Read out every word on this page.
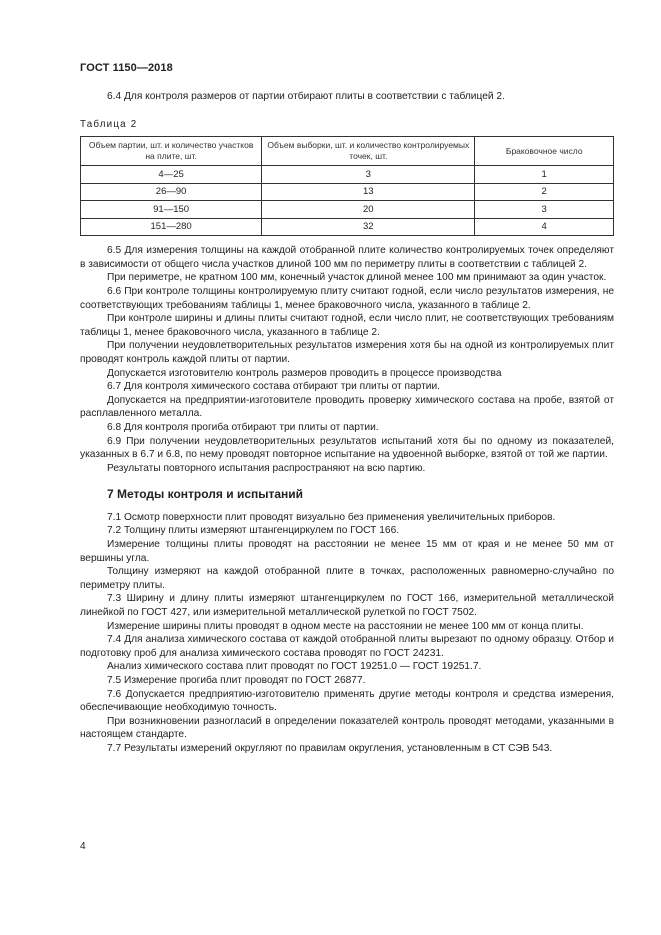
ГОСТ 1150—2018

6.4 Для контроля размеров от партии отбирают плиты в соответствии с таблицей 2.

Таблица 2

Объем партии, шт. и количество участков на плите, шт.	Объем выборки, шт. и количество контролируемых точек, шт.	Браковочное число
4—25	3	1
26—90	13	2
91—150	20	3
151—280	32	4

6.5 Для измерения толщины на каждой отобранной плите количество контролируемых точек определяют в зависимости от общего числа участков длиной 100 мм по периметру плиты в соответствии с таблицей 2.

При периметре, не кратном 100 мм, конечный участок длиной менее 100 мм принимают за один участок.

6.6 При контроле толщины контролируемую плиту считают годной, если число результатов измерения, не соответствующих требованиям таблицы 1, менее браковочного числа, указанного в таблице 2.

При контроле ширины и длины плиты считают годной, если число плит, не соответствующих требованиям таблицы 1, менее браковочного числа, указанного в таблице 2.

При получении неудовлетворительных результатов измерения хотя бы на одной из контролируемых плит проводят контроль каждой плиты от партии.

Допускается изготовителю контроль размеров проводить в процессе производства

6.7 Для контроля химического состава отбирают три плиты от партии.

Допускается на предприятии-изготовителе проводить проверку химического состава на пробе, взятой от расплавленного металла.

6.8 Для контроля прогиба отбирают три плиты от партии.

6.9 При получении неудовлетворительных результатов испытаний хотя бы по одному из показателей, указанных в 6.7 и 6.8, по нему проводят повторное испытание на удвоенной выборке, взятой от той же партии.

Результаты повторного испытания распространяют на всю партию.

7 Методы контроля и испытаний

7.1 Осмотр поверхности плит проводят визуально без применения увеличительных приборов.

7.2 Толщину плиты измеряют штангенциркулем по ГОСТ 166.

Измерение толщины плиты проводят на расстоянии не менее 15 мм от края и не менее 50 мм от вершины угла.

Толщину измеряют на каждой отобранной плите в точках, расположенных равномерно-случайно по периметру плиты.

7.3 Ширину и длину плиты измеряют штангенциркулем по ГОСТ 166, измерительной металлической линейкой по ГОСТ 427, или измерительной металлической рулеткой по ГОСТ 7502.

Измерение ширины плиты проводят в одном месте на расстоянии не менее 100 мм от конца плиты.

7.4 Для анализа химического состава от каждой отобранной плиты вырезают по одному образцу. Отбор и подготовку проб для анализа химического состава проводят по ГОСТ 24231.

Анализ химического состава плит проводят по ГОСТ 19251.0 — ГОСТ 19251.7.

7.5 Измерение прогиба плит проводят по ГОСТ 26877.

7.6 Допускается предприятию-изготовителю применять другие методы контроля и средства измерения, обеспечивающие необходимую точность.

При возникновении разногласий в определении показателей контроль проводят методами, указанными в настоящем стандарте.

7.7 Результаты измерений округляют по правилам округления, установленным в СТ СЭВ 543.

4
